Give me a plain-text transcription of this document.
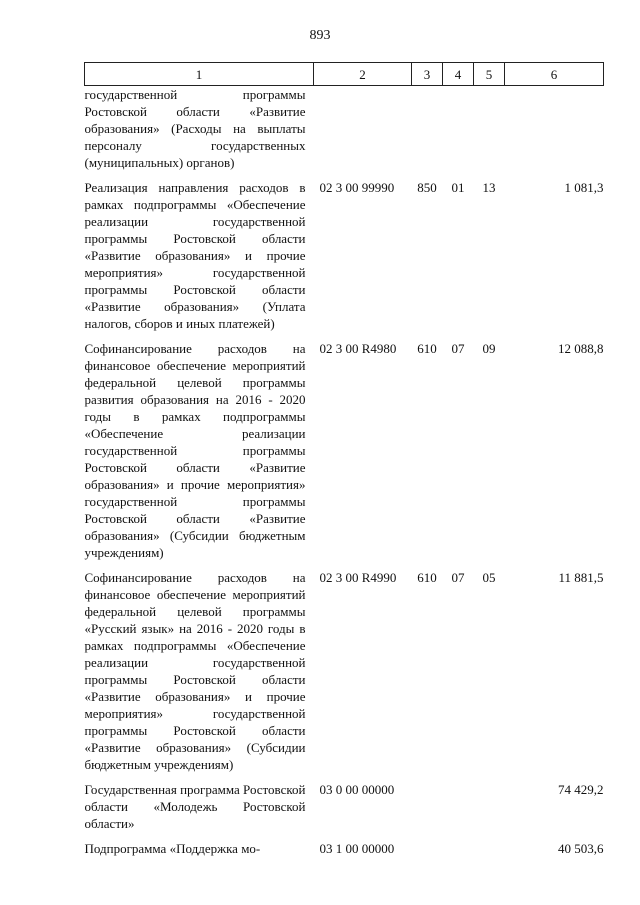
893
1	2	3	4	5	6
государственной программы Ростовской области «Развитие образования» (Расходы на выплаты персоналу государственных (муниципальных) органов)					
Реализация направления расходов в рамках подпрограммы «Обеспечение реализации государственной программы Ростовской области «Развитие образования» и прочие мероприятия» государственной программы Ростовской области «Развитие образования» (Уплата налогов, сборов и иных платежей)	02 3 00 99990	850	01	13	1 081,3
Софинансирование расходов на финансовое обеспечение мероприятий федеральной целевой программы развития образования на 2016 - 2020 годы в рамках подпрограммы «Обеспечение реализации государственной программы Ростовской области «Развитие образования» и прочие мероприятия» государственной программы Ростовской области «Развитие образования» (Субсидии бюджетным учреждениям)	02 3 00 R4980	610	07	09	12 088,8
Софинансирование расходов на финансовое обеспечение мероприятий федеральной целевой программы «Русский язык» на 2016 - 2020 годы в рамках подпрограммы «Обеспечение реализации государственной программы Ростовской области «Развитие образования» и прочие мероприятия» государственной программы Ростовской области «Развитие образования» (Субсидии бюджетным учреждениям)	02 3 00 R4990	610	07	05	11 881,5
Государственная программа Ростовской области «Молодежь Ростовской области»	03 0 00 00000				74 429,2
Подпрограмма «Поддержка мо-	03 1 00 00000				40 503,6
